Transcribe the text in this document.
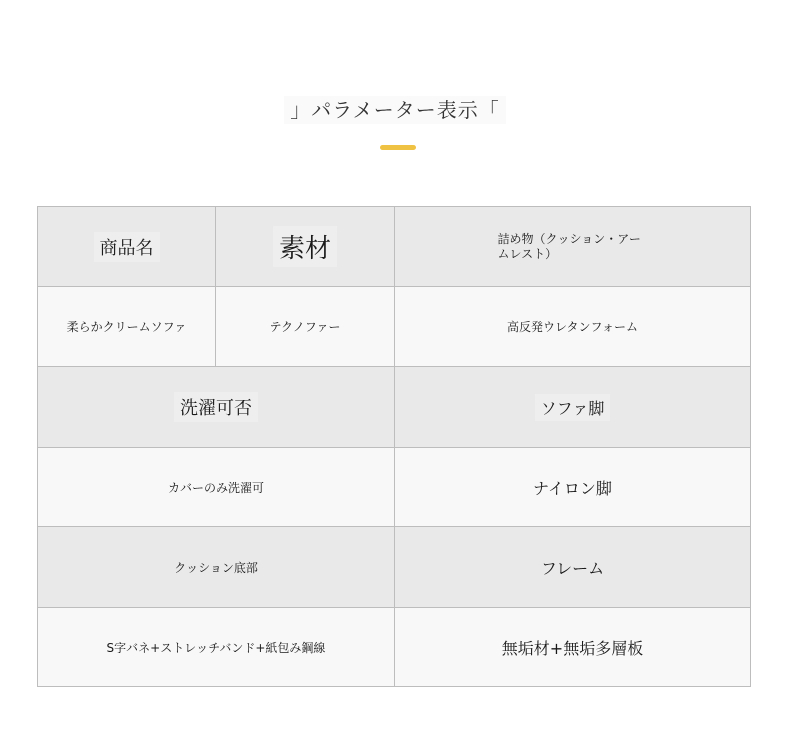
」パラメーター表示「
商品名	素材	詰め物（クッション・アームレスト）
柔らかクリームソファ	テクノファー	高反発ウレタンフォーム
洗濯可否	ソファ脚
カバーのみ洗濯可	ナイロン脚
クッション底部	フレーム
S字バネ+ストレッチバンド+紙包み鋼線	無垢材+無垢多層板
